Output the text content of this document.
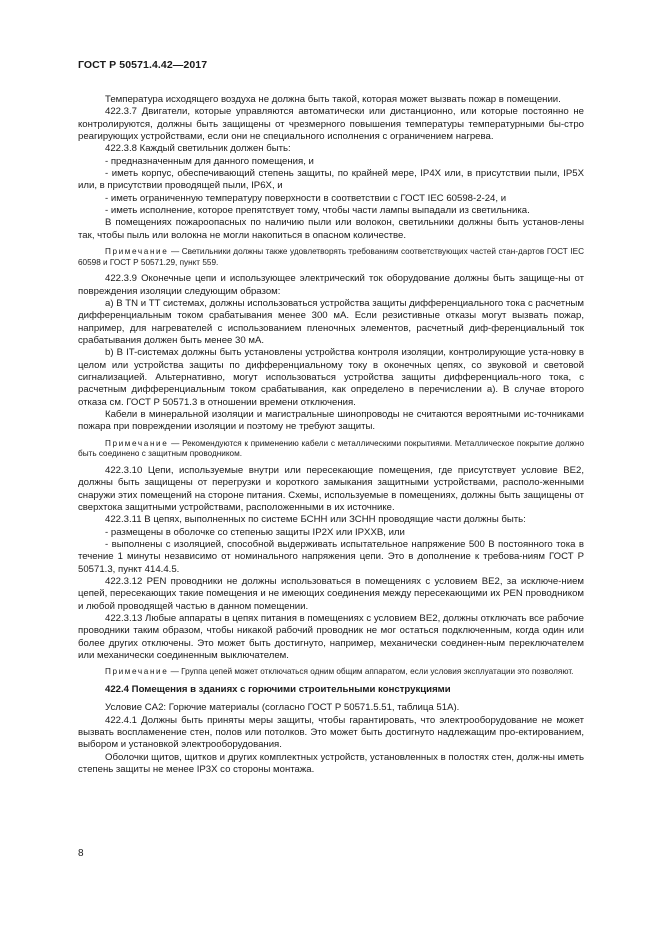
ГОСТ Р 50571.4.42—2017

Температура исходящего воздуха не должна быть такой, которая может вызвать пожар в помещении.

422.3.7 Двигатели, которые управляются автоматически или дистанционно, или которые постоянно не контролируются, должны быть защищены от чрезмерного повышения температуры температурными бы-стро реагирующих устройствами, если они не специального исполнения с ограничением нагрева.

422.3.8 Каждый светильник должен быть:

- предназначенным для данного помещения, и

- иметь корпус, обеспечивающий степень защиты, по крайней мере, IP4X или, в присутствии пыли, IP5X или, в присутствии проводящей пыли, IP6X, и

- иметь ограниченную температуру поверхности в соответствии с ГОСТ IEC 60598-2-24, и

- иметь исполнение, которое препятствует тому, чтобы части лампы выпадали из светильника.

В помещениях пожароопасных по наличию пыли или волокон, светильники должны быть установ-лены так, чтобы пыль или волокна не могли накопиться в опасном количестве.

Примечание — Светильники должны также удовлетворять требованиям соответствующих частей стан-дартов ГОСТ IEC 60598 и ГОСТ Р 50571.29, пункт 559.

422.3.9 Оконечные цепи и использующее электрический ток оборудование должны быть защище-ны от повреждения изоляции следующим образом:

a) В TN и TT системах, должны использоваться устройства защиты дифференциального тока с расчетным дифференциальным током срабатывания менее 300 мА. Если резистивные отказы могут вызвать пожар, например, для нагревателей с использованием пленочных элементов, расчетный диф-ференциальный ток срабатывания должен быть менее 30 мА.

b) В IT-системах должны быть установлены устройства контроля изоляции, контролирующие уста-новку в целом или устройства защиты по дифференциальному току в оконечных цепях, со звуковой и световой сигнализацией. Альтернативно, могут использоваться устройства защиты дифференциаль-ного тока, с расчетным дифференциальным током срабатывания, как определено в перечислении а). В случае второго отказа см. ГОСТ Р 50571.3 в отношении времени отключения.

Кабели в минеральной изоляции и магистральные шинопроводы не считаются вероятными ис-точниками пожара при повреждении изоляции и поэтому не требуют защиты.

Примечание — Рекомендуются к применению кабели с металлическими покрытиями. Металлическое покрытие должно быть соединено с защитным проводником.

422.3.10 Цепи, используемые внутри или пересекающие помещения, где присутствует условие ВЕ2, должны быть защищены от перегрузки и короткого замыкания защитными устройствами, располо-женными снаружи этих помещений на стороне питания. Схемы, используемые в помещениях, должны быть защищены от сверхтока защитными устройствами, расположенными в их источнике.

422.3.11 В цепях, выполненных по системе БСНН или ЗСНН проводящие части должны быть:

- размещены в оболочке со степенью защиты IP2X или IPXXB, или

- выполнены с изоляцией, способной выдерживать испытательное напряжение 500 В постоянного тока в течение 1 минуты независимо от номинального напряжения цепи. Это в дополнение к требова-ниям ГОСТ Р 50571.3, пункт 414.4.5.

422.3.12 PEN проводники не должны использоваться в помещениях с условием ВЕ2, за исключе-нием цепей, пересекающих такие помещения и не имеющих соединения между пересекающими их PEN проводником и любой проводящей частью в данном помещении.

422.3.13 Любые аппараты в цепях питания в помещениях с условием ВЕ2, должны отключать все рабочие проводники таким образом, чтобы никакой рабочий проводник не мог остаться подключенным, когда один или более других отключены. Это может быть достигнуто, например, механически соединен-ным переключателем или механически соединенным выключателем.

Примечание — Группа цепей может отключаться одним общим аппаратом, если условия эксплуатации это позволяют.

422.4 Помещения в зданиях с горючими строительными конструкциями

Условие CA2: Горючие материалы (согласно ГОСТ Р 50571.5.51, таблица 51А).

422.4.1 Должны быть приняты меры защиты, чтобы гарантировать, что электрооборудование не может вызвать воспламенение стен, полов или потолков. Это может быть достигнуто надлежащим про-ектированием, выбором и установкой электрооборудования.

Оболочки щитов, щитков и других комплектных устройств, установленных в полостях стен, долж-ны иметь степень защиты не менее IP3X со стороны монтажа.

8
